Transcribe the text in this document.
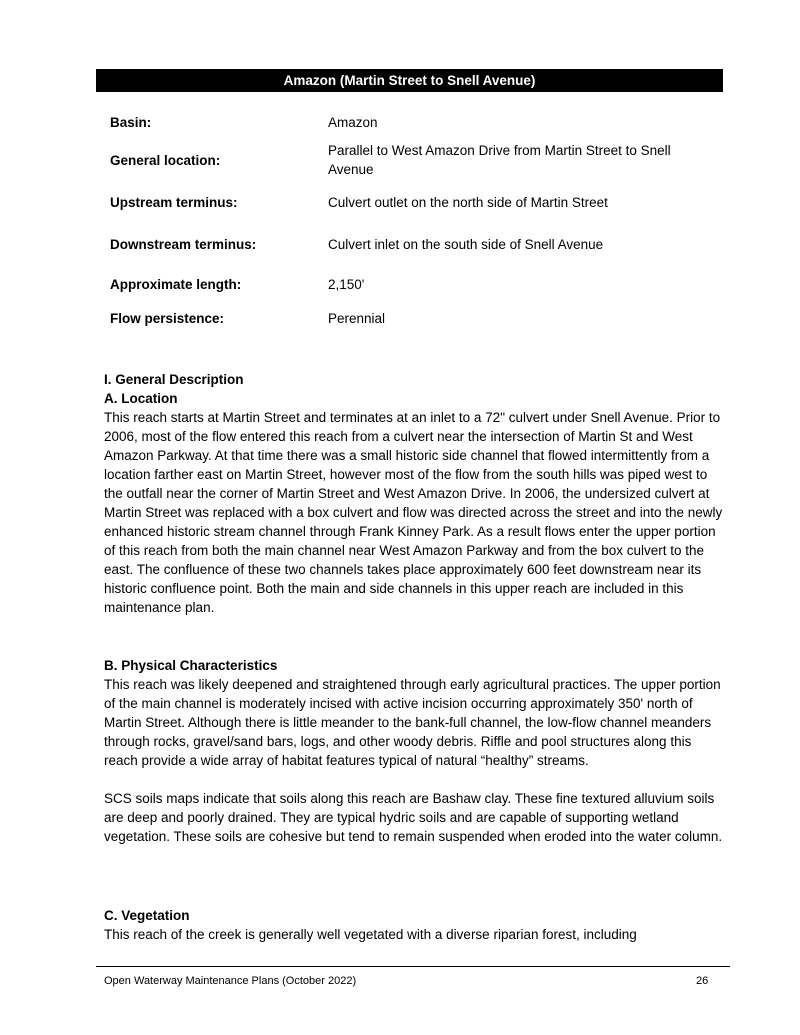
Amazon (Martin Street to Snell Avenue)
Basin:	Amazon
General location:
Parallel to West Amazon Drive from Martin Street to Snell Avenue
Upstream terminus:	Culvert outlet on the north side of Martin Street
Downstream terminus:	Culvert inlet on the south side of Snell Avenue
Approximate length:	2,150'
Flow persistence:	Perennial

I. General Description

A. Location

This reach starts at Martin Street and terminates at an inlet to a 72" culvert under Snell Avenue. Prior to 2006, most of the flow entered this reach from a culvert near the intersection of Martin St and West Amazon Parkway. At that time there was a small historic side channel that flowed intermittently from a location farther east on Martin Street, however most of the flow from the south hills was piped west to the outfall near the corner of Martin Street and West Amazon Drive. In 2006, the undersized culvert at Martin Street was replaced with a box culvert and flow was directed across the street and into the newly enhanced historic stream channel through Frank Kinney Park. As a result flows enter the upper portion of this reach from both the main channel near West Amazon Parkway and from the box culvert to the east. The confluence of these two channels takes place approximately 600 feet downstream near its historic confluence point. Both the main and side channels in this upper reach are included in this maintenance plan.

B. Physical Characteristics

This reach was likely deepened and straightened through early agricultural practices. The upper portion of the main channel is moderately incised with active incision occurring approximately 350' north of Martin Street. Although there is little meander to the bank-full channel, the low-flow channel meanders through rocks, gravel/sand bars, logs, and other woody debris. Riffle and pool structures along this reach provide a wide array of habitat features typical of natural “healthy” streams.

SCS soils maps indicate that soils along this reach are Bashaw clay. These fine textured alluvium soils are deep and poorly drained. They are typical hydric soils and are capable of supporting wetland vegetation. These soils are cohesive but tend to remain suspended when eroded into the water column.

C. Vegetation

This reach of the creek is generally well vegetated with a diverse riparian forest, including

Open Waterway Maintenance Plans (October 2022)	26
